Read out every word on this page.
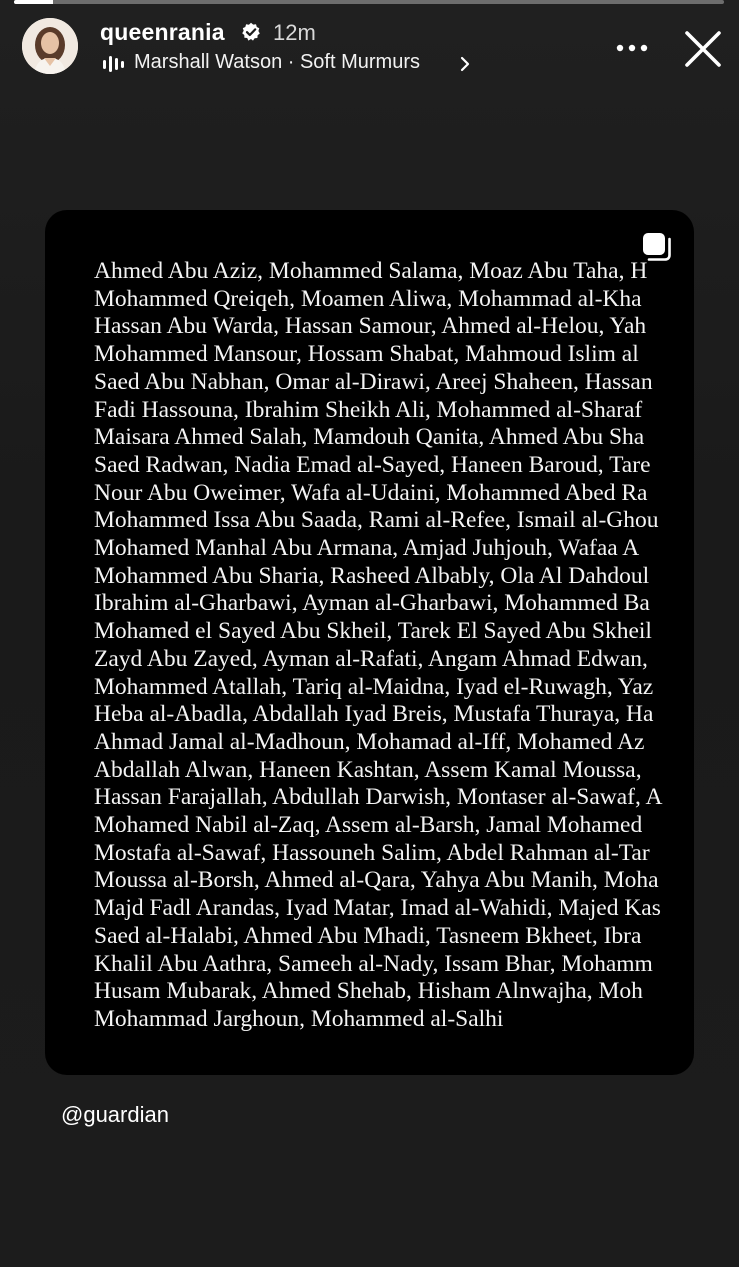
queenrania 12m
Marshall Watson · Soft Murmurs
Ahmed Abu Aziz, Mohammed Salama, Moaz Abu Taha, H
Mohammed Qreiqeh, Moamen Aliwa, Mohammad al-Kha
Hassan Abu Warda, Hassan Samour, Ahmed al-Helou, Yah
Mohammed Mansour, Hossam Shabat, Mahmoud Islim al
Saed Abu Nabhan, Omar al-Dirawi, Areej Shaheen, Hassan
Fadi Hassouna, Ibrahim Sheikh Ali, Mohammed al-Sharaf
Maisara Ahmed Salah, Mamdouh Qanita, Ahmed Abu Sha
Saed Radwan, Nadia Emad al-Sayed, Haneen Baroud, Tare
Nour Abu Oweimer, Wafa al-Udaini, Mohammed Abed Ra
Mohammed Issa Abu Saada, Rami al-Refee, Ismail al-Ghou
Mohamed Manhal Abu Armana, Amjad Juhjouh, Wafaa A
Mohammed Abu Sharia, Rasheed Albably, Ola Al Dahdoul
Ibrahim al-Gharbawi, Ayman al-Gharbawi, Mohammed Ba
Mohamed el Sayed Abu Skheil, Tarek El Sayed Abu Skheil
Zayd Abu Zayed, Ayman al-Rafati, Angam Ahmad Edwan,
Mohammed Atallah, Tariq al-Maidna, Iyad el-Ruwagh, Yaz
Heba al-Abadla, Abdallah Iyad Breis, Mustafa Thuraya, Ha
Ahmad Jamal al-Madhoun, Mohamad al-Iff, Mohamed Az
Abdallah Alwan, Haneen Kashtan, Assem Kamal Moussa,
Hassan Farajallah, Abdullah Darwish, Montaser al-Sawaf, A
Mohamed Nabil al-Zaq, Assem al-Barsh, Jamal Mohamed
Mostafa al-Sawaf, Hassouneh Salim, Abdel Rahman al-Tar
Moussa al-Borsh, Ahmed al-Qara, Yahya Abu Manih, Moha
Majd Fadl Arandas, Iyad Matar, Imad al-Wahidi, Majed Kas
Saed al-Halabi, Ahmed Abu Mhadi, Tasneem Bkheet, Ibra
Khalil Abu Aathra, Sameeh al-Nady, Issam Bhar, Mohamm
Husam Mubarak, Ahmed Shehab, Hisham Alnwajha, Moh
Mohammad Jarghoun, Mohammed al-Salhi
@guardian
